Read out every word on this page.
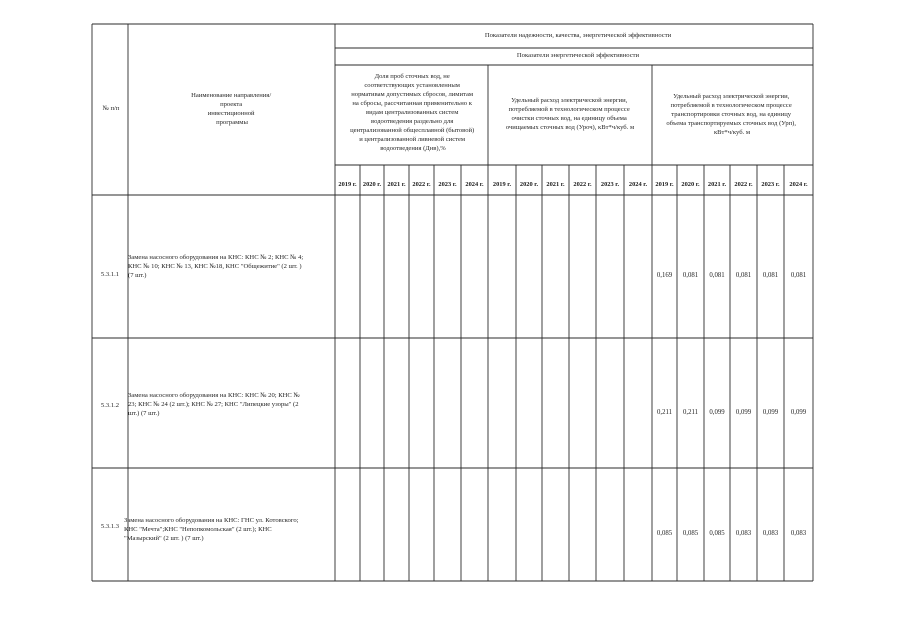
№ п/п
Наименование направления/ проекта инвестиционной программы
Показатели надежности, качества, энергетической эффективности
Показатели энергетической эффективности
Доля проб сточных вод, не соответствующих установленным нормативам допустимых сбросов, лимитам на сбросы, рассчитанная применительно к видам централизованных систем водоотведения раздельно для централизованной общесплавной (бытовой) и централизованной ливневой систем водоотведения (Днв),%
Удельный расход электрической энергии, потребляемой в технологическом процессе очистки сточных вод, на единицу объема очищаемых сточных вод (Уроч), кВт*ч/куб. м
Удельный расход электрической энергии, потребляемой в технологическом процессе транспортировки сточных вод, на единицу объема транспортируемых сточных вод (Урп), кВт*ч/куб. м
Замена насосного оборудования на КНС: КНС № 2; КНС № 4; КНС № 10; КНС № 13, КНС №18, КНС "Общежитие" (2 шт. ) (7 шт.)
Замена насосного оборудования на КНС: КНС № 20; КНС № 23; КНС № 24 (2 шт.); КНС № 27; КНС "Липецкие узоры" (2 шт.) (7 шт.)
Замена насосного оборудования на КНС: ГНС ул. Котовского; КНС "Мечта";КНС "Непопкомольская" (2 шт.); КНС "Мазырский" (2 шт. ) (7 шт.)
2019 г. 2020 г. 2021 г. 2022 г. 2023 г. 2024 г. 2019 г. 2020 г. 2021 г. 2022 г. 2023 г. 2024 г. 2019 г. 2020 г. 2021 г. 2022 г. 2023 г. 2024 г.
5.3.1.1	0,169 0,081 0,081 0,081 0,081 0,081
5.3.1.2
0,211 0,211 0,099 0,099 0,099 0,099
5.3.1.3
0,085 0,085 0,085 0,083 0,083 0,083
